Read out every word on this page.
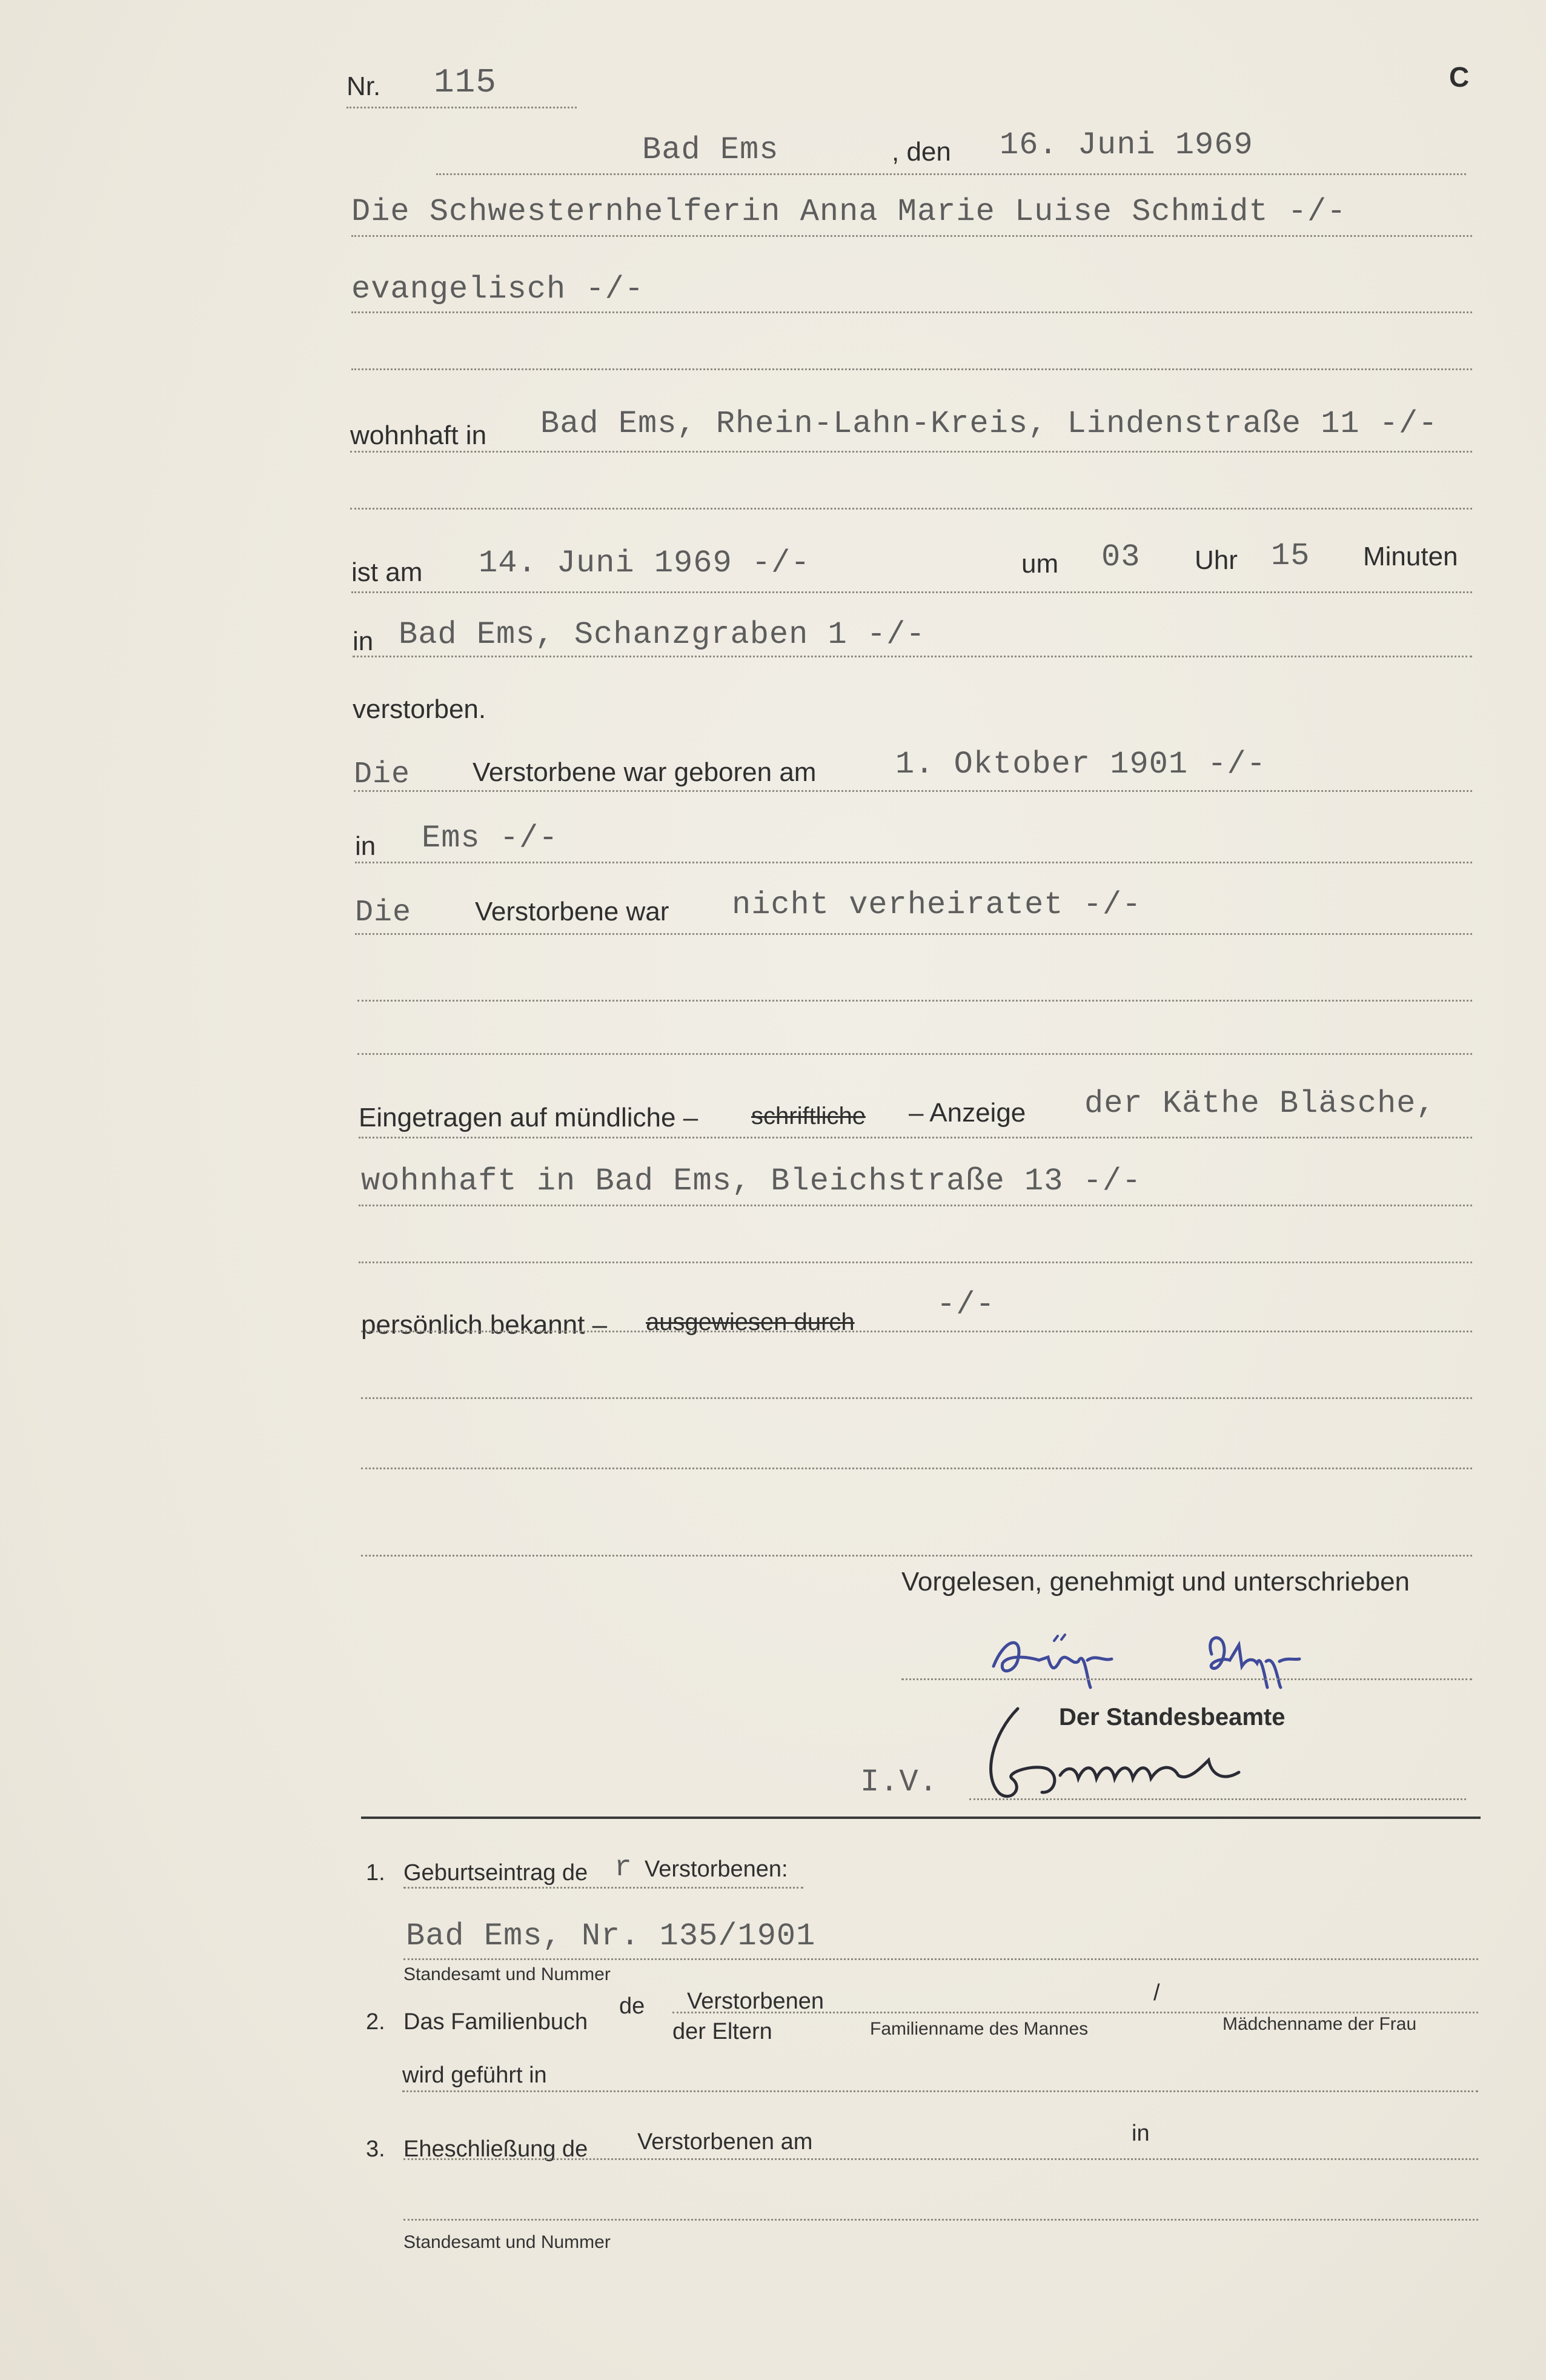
Nr. 115	C
Bad Ems	, den 16. Juni 1969
Die Schwesternhelferin Anna Marie Luise Schmidt -/-
evangelisch -/-
wohnhaft in Bad Ems, Rhein-Lahn-Kreis, Lindenstraße 11 -/-
ist am 14. Juni 1969 -/-	um 03 Uhr 15 Minuten
in Bad Ems, Schanzgraben 1 -/-
verstorben.
Die Verstorbene war geboren am	1. Oktober 1901 -/-
in Ems -/-
Die Verstorbene war nicht verheiratet -/-
Eingetragen auf mündliche – schriftliche – Anzeige der Käthe Bläsche,
wohnhaft in Bad Ems, Bleichstraße 13 -/-
persönlich bekannt – ausgewiesen durch	-/-
Vorgelesen, genehmigt und unterschrieben
Der Standesbeamte
I.V.
1. Geburtseintrag de r Verstorbenen:
Bad Ems, Nr. 135/1901
Standesamt und Nummer
2. Das Familienbuch
de Verstorbenen
der Eltern
/
Familienname des Mannes	Mädchenname der Frau
wird geführt in
3. Eheschließung de Verstorbenen am	in
Standesamt und Nummer
